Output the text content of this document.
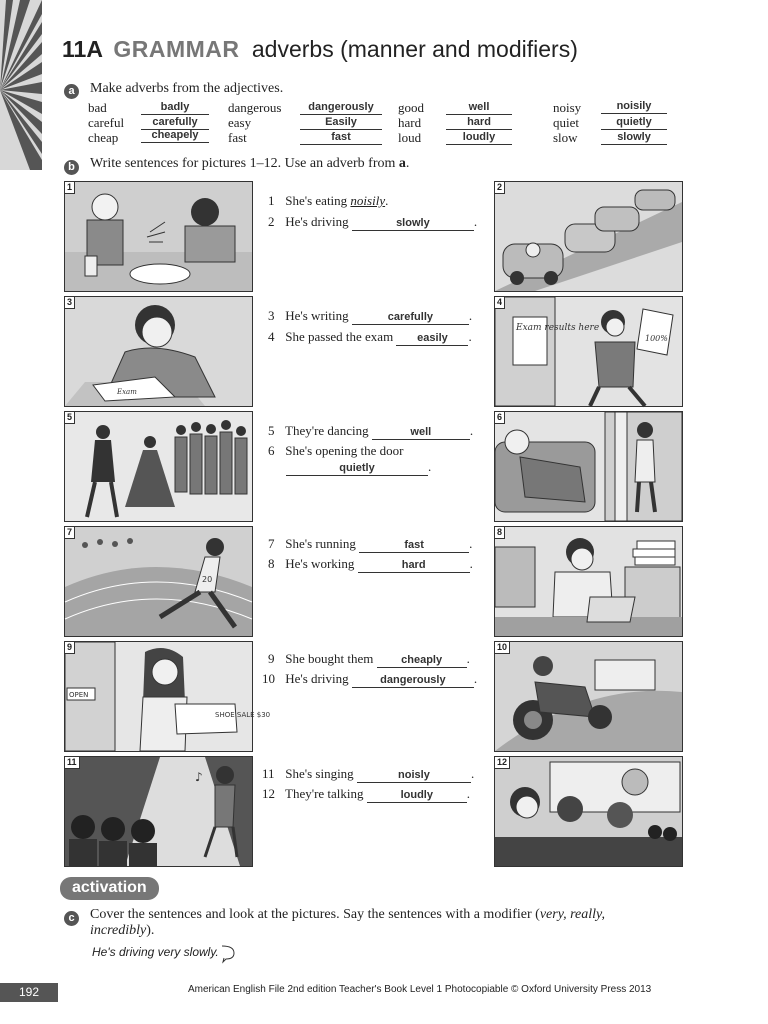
11A GRAMMAR adverbs (manner and modifiers)
a	Make adverbs from the adjectives.
bad	badly
careful	carefully
cheap	cheapely
dangerous	dangerously
easy	Easily
fast	fast
good	well
hard	hard
loud	loudly
noisy	noisily
quiet	quietly
slow	slowly
b Write sentences for pictures 1–12. Use an adverb from a.
1	2
Exam
3
Exam results here
100%
4
5	6
20
7	8
OPEN
SHOE SALE $30
9	10
♪
11	12
1 She's eating noisily.
2 He's driving	slowly	.
3 He's writing	carefully	.
4 She passed the exam easily .
5 They're dancing	well	.
6 She's opening the door
quietly	.
7 She's running	fast	.
8 He's working	hard	.
9 She bought them	cheaply .
10 He's driving	dangerously .
11 She's singing	noisly	.
12 They're talking	loudly	.
activation
c	Cover the sentences and look at the pictures. Say the sentences with a modifier (very, really,
incredibly).
He's driving very slowly.
192	American English File 2nd edition Teacher's Book Level 1 Photocopiable © Oxford University Press 2013
